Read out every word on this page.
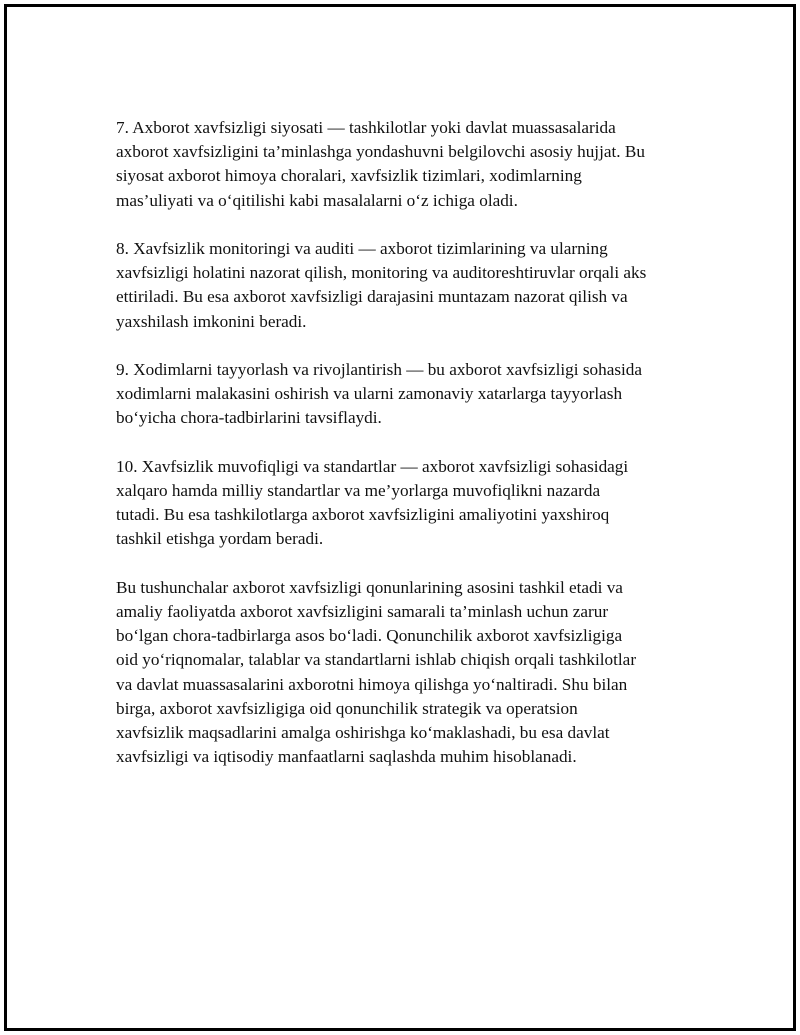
7. Axborot xavfsizligi siyosati — tashkilotlar yoki davlat muassasalarida
axborot xavfsizligini ta’minlashga yondashuvni belgilovchi asosiy hujjat. Bu
siyosat axborot himoya choralari, xavfsizlik tizimlari, xodimlarning
mas’uliyati va o‘qitilishi kabi masalalarni o‘z ichiga oladi.

8. Xavfsizlik monitoringi va auditi — axborot tizimlarining va ularning
xavfsizligi holatini nazorat qilish, monitoring va auditoreshtiruvlar orqali aks
ettiriladi. Bu esa axborot xavfsizligi darajasini muntazam nazorat qilish va
yaxshilash imkonini beradi.

9. Xodimlarni tayyorlash va rivojlantirish — bu axborot xavfsizligi sohasida
xodimlarni malakasini oshirish va ularni zamonaviy xatarlarga tayyorlash
bo‘yicha chora-tadbirlarini tavsiflaydi.

10. Xavfsizlik muvofiqligi va standartlar — axborot xavfsizligi sohasidagi
xalqaro hamda milliy standartlar va me’yorlarga muvofiqlikni nazarda
tutadi. Bu esa tashkilotlarga axborot xavfsizligini amaliyotini yaxshiroq
tashkil etishga yordam beradi.

Bu tushunchalar axborot xavfsizligi qonunlarining asosini tashkil etadi va
amaliy faoliyatda axborot xavfsizligini samarali ta’minlash uchun zarur
bo‘lgan chora-tadbirlarga asos bo‘ladi. Qonunchilik axborot xavfsizligiga
oid yo‘riqnomalar, talablar va standartlarni ishlab chiqish orqali tashkilotlar
va davlat muassasalarini axborotni himoya qilishga yo‘naltiradi. Shu bilan
birga, axborot xavfsizligiga oid qonunchilik strategik va operatsion
xavfsizlik maqsadlarini amalga oshirishga ko‘maklashadi, bu esa davlat
xavfsizligi va iqtisodiy manfaatlarni saqlashda muhim hisoblanadi.
